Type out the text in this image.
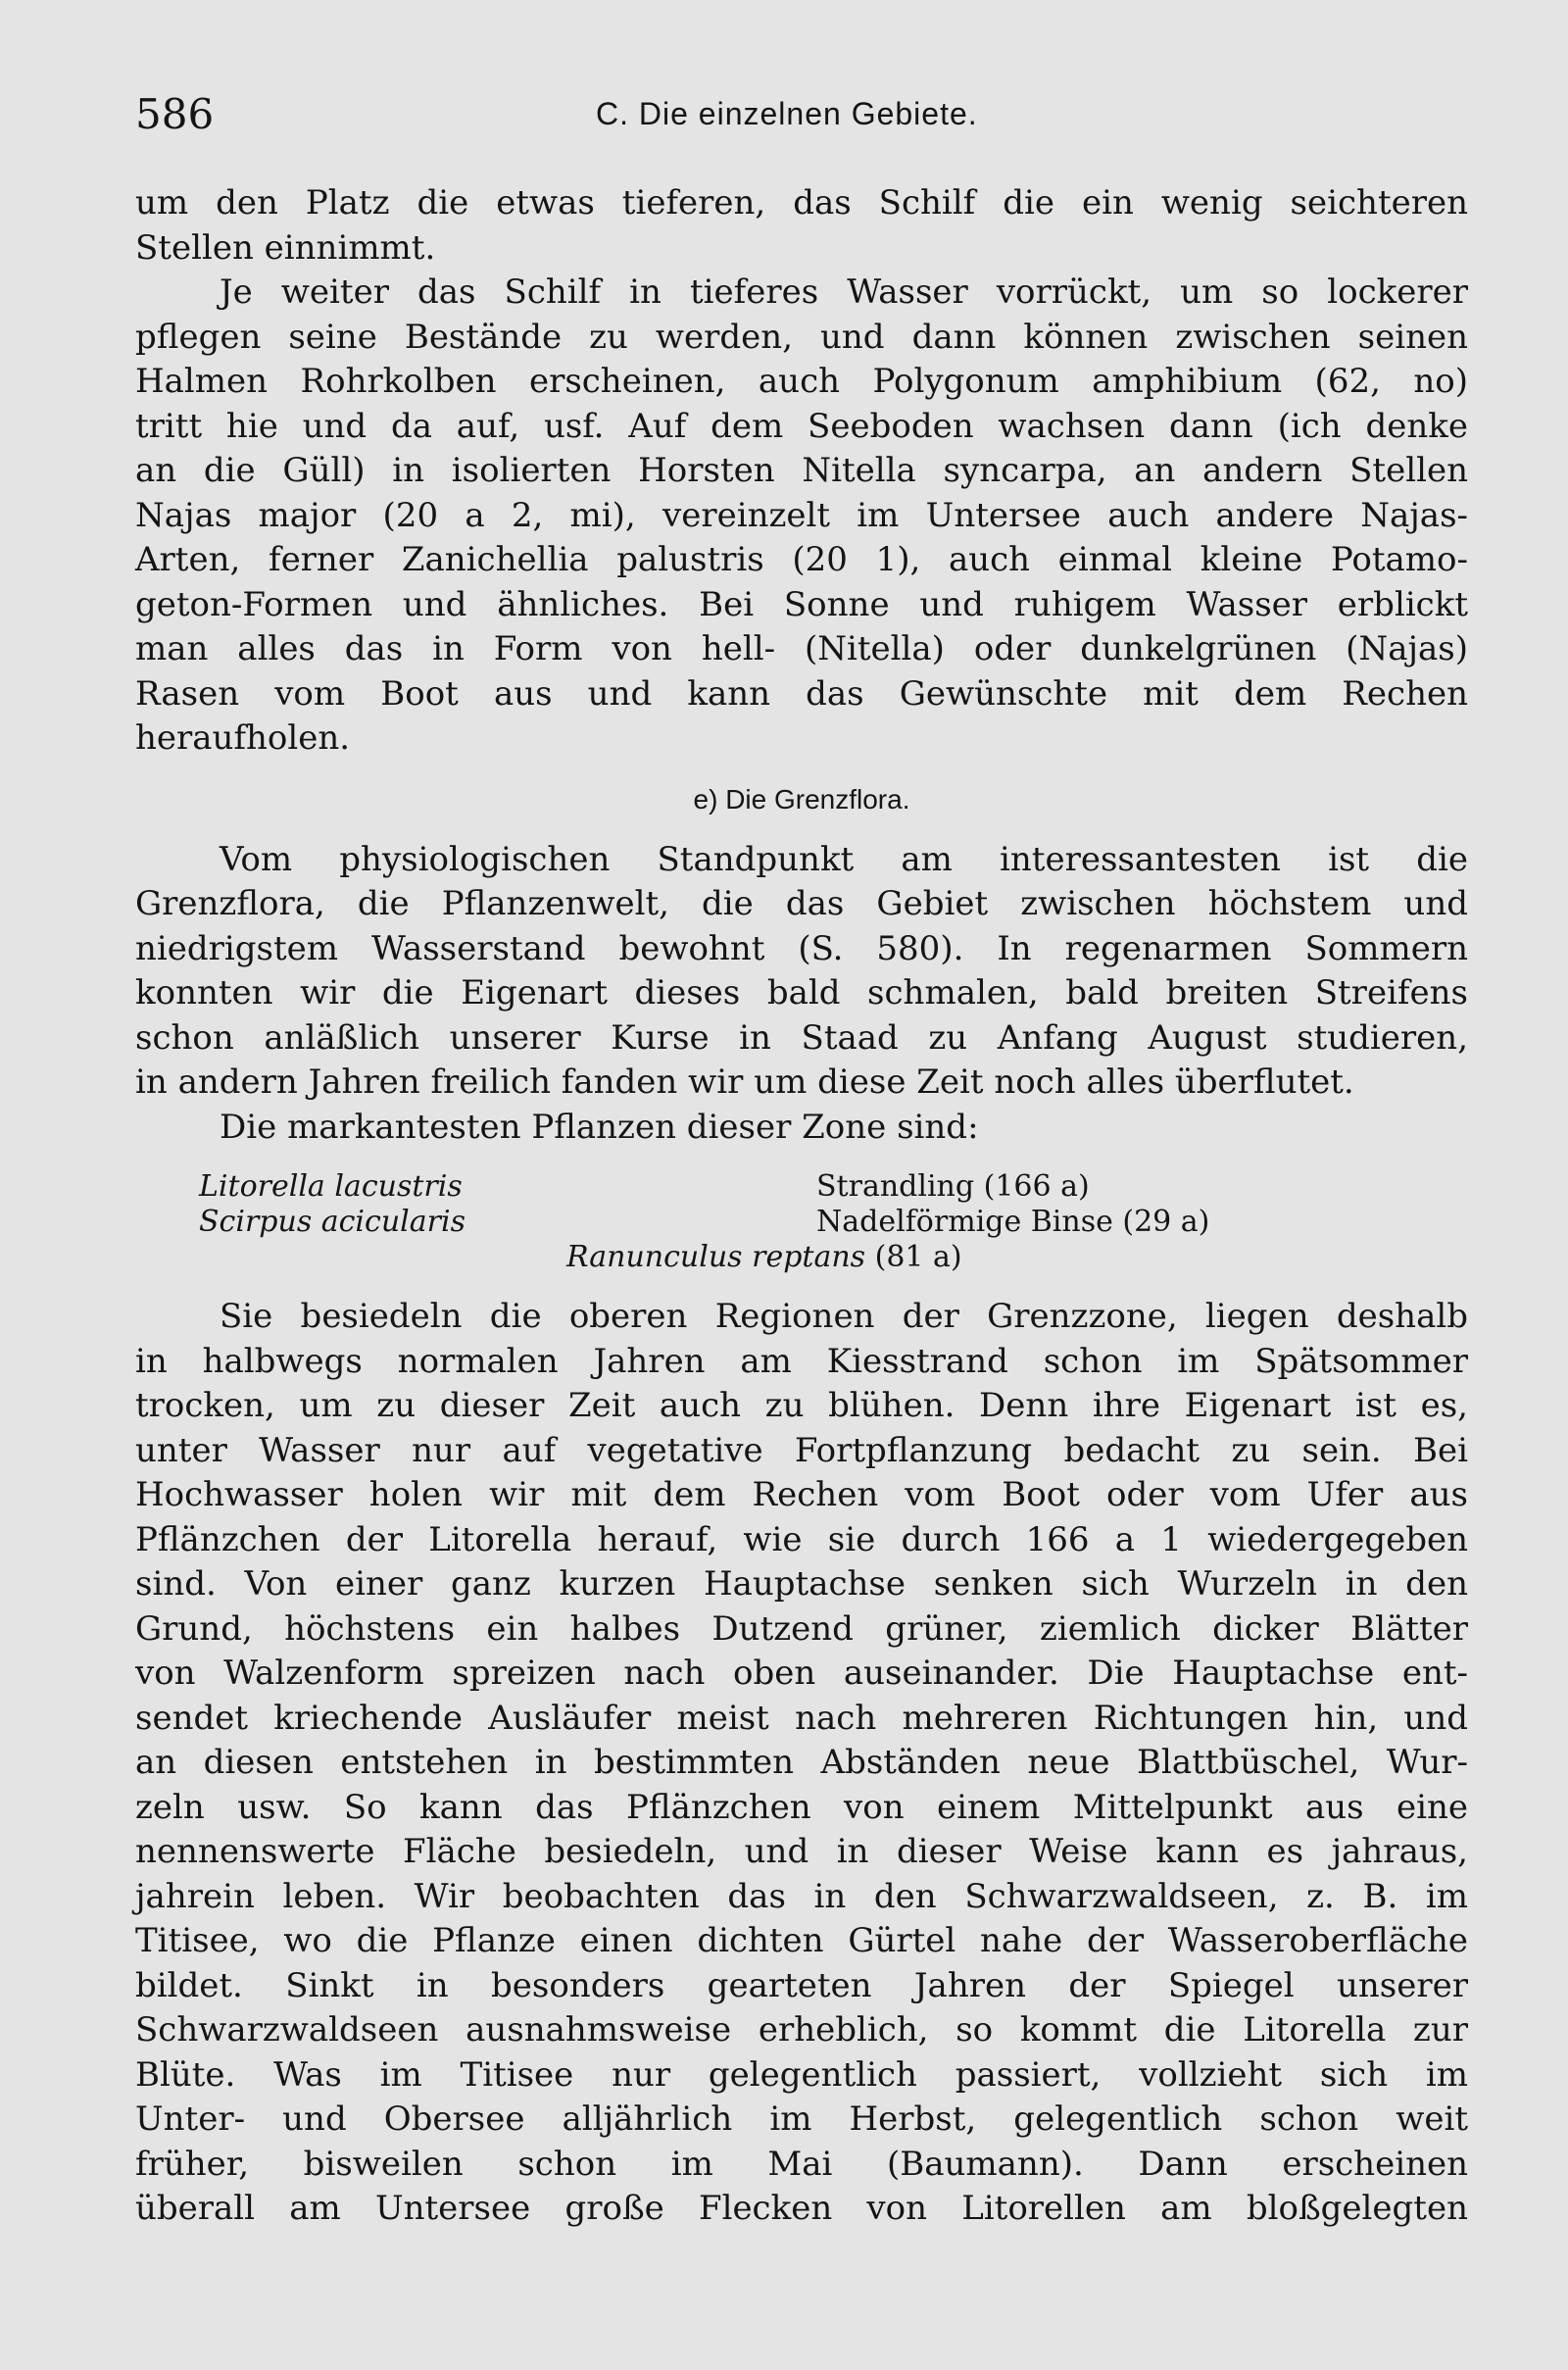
586	C. Die einzelnen Gebiete.
um den Platz die etwas tieferen, das Schilf die ein wenig seichteren
Stellen einnimmt.
Je weiter das Schilf in tieferes Wasser vorrückt, um so lockerer
pflegen seine Bestände zu werden, und dann können zwischen seinen
Halmen Rohrkolben erscheinen, auch Polygonum amphibium (62, no)
tritt hie und da auf, usf. Auf dem Seeboden wachsen dann (ich denke
an die Güll) in isolierten Horsten Nitella syncarpa, an andern Stellen
Najas major (20 a 2, mi), vereinzelt im Untersee auch andere Najas-
Arten, ferner Zanichellia palustris (20 1), auch einmal kleine Potamo-
geton-Formen und ähnliches. Bei Sonne und ruhigem Wasser erblickt
man alles das in Form von hell- (Nitella) oder dunkelgrünen (Najas)
Rasen vom Boot aus und kann das Gewünschte mit dem Rechen
heraufholen.
e) Die Grenzflora.
Vom physiologischen Standpunkt am interessantesten ist die
Grenzflora, die Pflanzenwelt, die das Gebiet zwischen höchstem und
niedrigstem Wasserstand bewohnt (S. 580). In regenarmen Sommern
konnten wir die Eigenart dieses bald schmalen, bald breiten Streifens
schon anläßlich unserer Kurse in Staad zu Anfang August studieren,
in andern Jahren freilich fanden wir um diese Zeit noch alles überflutet.
Die markantesten Pflanzen dieser Zone sind:
Litorella lacustris	Strandling (166 a)
Scirpus acicularis	Nadelförmige Binse (29 a)
Ranunculus reptans (81 a)
Sie besiedeln die oberen Regionen der Grenzzone, liegen deshalb
in halbwegs normalen Jahren am Kiesstrand schon im Spätsommer
trocken, um zu dieser Zeit auch zu blühen. Denn ihre Eigenart ist es,
unter Wasser nur auf vegetative Fortpflanzung bedacht zu sein. Bei
Hochwasser holen wir mit dem Rechen vom Boot oder vom Ufer aus
Pflänzchen der Litorella herauf, wie sie durch 166 a 1 wiedergegeben
sind. Von einer ganz kurzen Hauptachse senken sich Wurzeln in den
Grund, höchstens ein halbes Dutzend grüner, ziemlich dicker Blätter
von Walzenform spreizen nach oben auseinander. Die Hauptachse ent-
sendet kriechende Ausläufer meist nach mehreren Richtungen hin, und
an diesen entstehen in bestimmten Abständen neue Blattbüschel, Wur-
zeln usw. So kann das Pflänzchen von einem Mittelpunkt aus eine
nennenswerte Fläche besiedeln, und in dieser Weise kann es jahraus,
jahrein leben. Wir beobachten das in den Schwarzwaldseen, z. B. im
Titisee, wo die Pflanze einen dichten Gürtel nahe der Wasseroberfläche
bildet. Sinkt in besonders gearteten Jahren der Spiegel unserer
Schwarzwaldseen ausnahmsweise erheblich, so kommt die Litorella zur
Blüte. Was im Titisee nur gelegentlich passiert, vollzieht sich im
Unter- und Obersee alljährlich im Herbst, gelegentlich schon weit
früher, bisweilen schon im Mai (Baumann). Dann erscheinen
überall am Untersee große Flecken von Litorellen am bloßgelegten
